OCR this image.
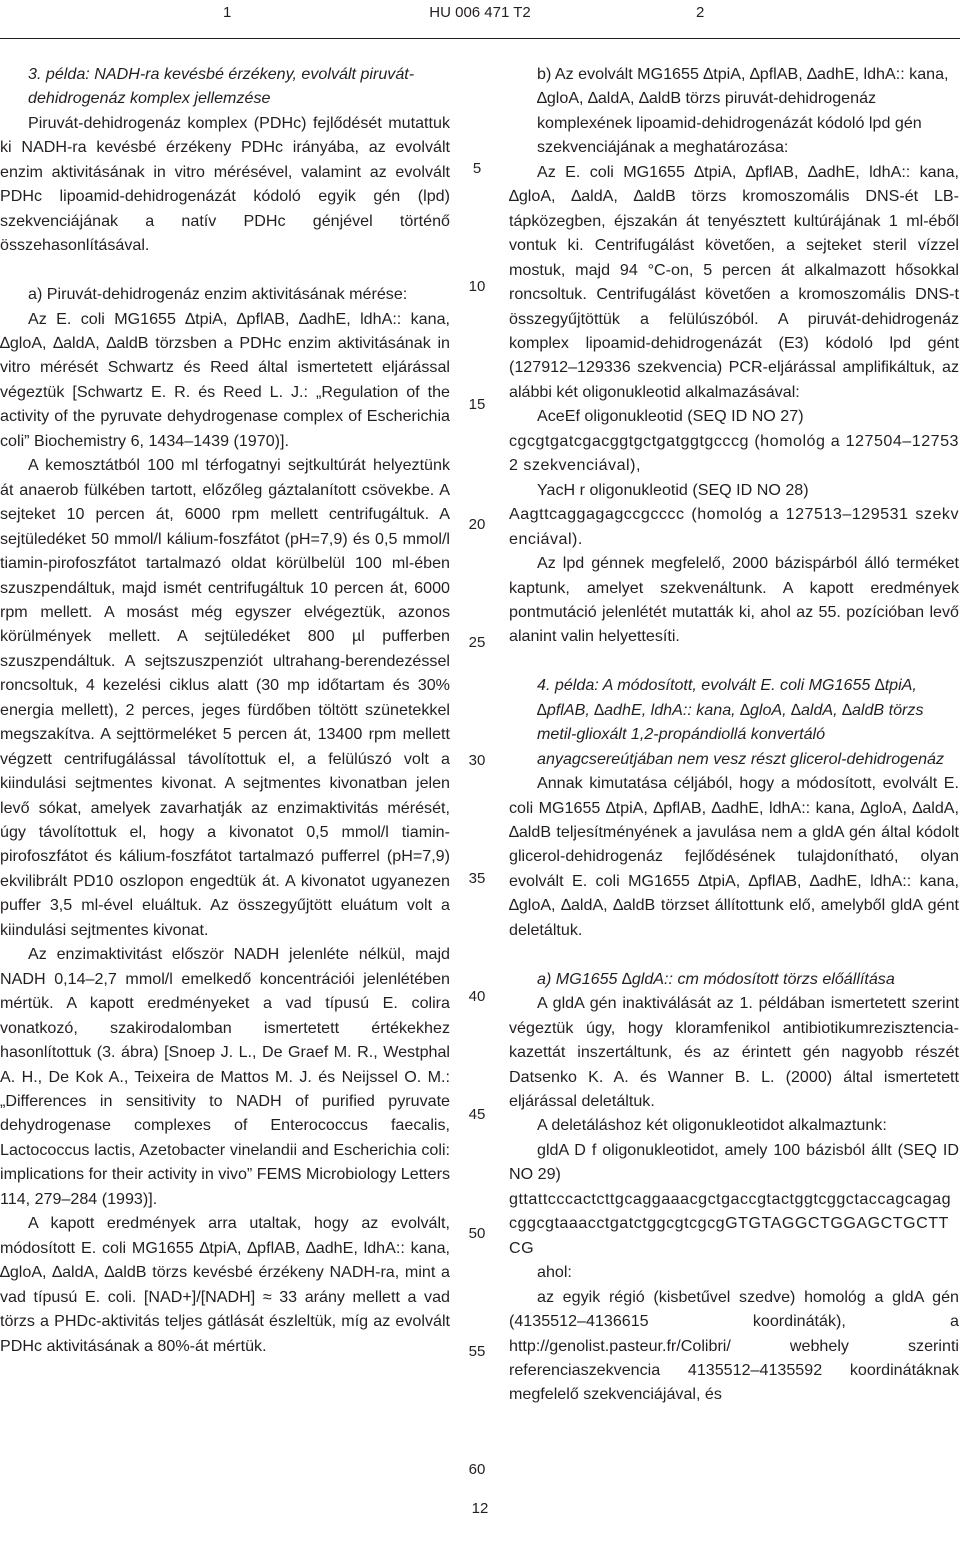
1	HU 006 471 T2	2

3. példa: NADH-ra kevésbé érzékeny, evolvált piruvát-dehidrogenáz komplex jellemzése

Piruvát-dehidrogenáz komplex (PDHc) fejlődését mutattuk ki NADH-ra kevésbé érzékeny PDHc irányába, az evolvált enzim aktivitásának in vitro mérésével, valamint az evolvált PDHc lipoamid-dehidrogenázát kódoló egyik gén (lpd) szekvenciájának a natív PDHc génjével történő összehasonlításával.

a) Piruvát-dehidrogenáz enzim aktivitásának mérése:

Az E. coli MG1655 ∆tpiA, ∆pflAB, ∆adhE, ldhA:: kana, ∆gloA, ∆aldA, ∆aldB törzsben a PDHc enzim aktivitásának in vitro mérését Schwartz és Reed által ismertetett eljárással végeztük [Schwartz E. R. és Reed L. J.: „Regulation of the activity of the pyruvate dehydrogenase complex of Escherichia coli” Biochemistry 6, 1434–1439 (1970)].

A kemosztátból 100 ml térfogatnyi sejtkultúrát helyeztünk át anaerob fülkében tartott, előzőleg gáztalanított csövekbe. A sejteket 10 percen át, 6000 rpm mellett centrifugáltuk. A sejtüledéket 50 mmol/l kálium-foszfátot (pH=7,9) és 0,5 mmol/l tiamin-pirofoszfátot tartalmazó oldat körülbelül 100 ml-ében szuszpendáltuk, majd ismét centrifugáltuk 10 percen át, 6000 rpm mellett. A mosást még egyszer elvégeztük, azonos körülmények mellett. A sejtüledéket 800 µl pufferben szuszpendáltuk. A sejtszuszpenziót ultrahang-berendezéssel roncsoltuk, 4 kezelési ciklus alatt (30 mp időtartam és 30% energia mellett), 2 perces, jeges fürdőben töltött szünetekkel megszakítva. A sejttörmeléket 5 percen át, 13400 rpm mellett végzett centrifugálással távolítottuk el, a felülúszó volt a kiindulási sejtmentes kivonat. A sejtmentes kivonatban jelen levő sókat, amelyek zavarhatják az enzimaktivitás mérését, úgy távolítottuk el, hogy a kivonatot 0,5 mmol/l tiamin-pirofoszfátot és kálium-foszfátot tartalmazó pufferrel (pH=7,9) ekvilibrált PD10 oszlopon engedtük át. A kivonatot ugyanezen puffer 3,5 ml-ével eluáltuk. Az összegyűjtött eluátum volt a kiindulási sejtmentes kivonat.

Az enzimaktivitást először NADH jelenléte nélkül, majd NADH 0,14–2,7 mmol/l emelkedő koncentrációi jelenlétében mértük. A kapott eredményeket a vad típusú E. colira vonatkozó, szakirodalomban ismertetett értékekhez hasonlítottuk (3. ábra) [Snoep J. L., De Graef M. R., Westphal A. H., De Kok A., Teixeira de Mattos M. J. és Neijssel O. M.: „Differences in sensitivity to NADH of purified pyruvate dehydrogenase complexes of Enterococcus faecalis, Lactococcus lactis, Azetobacter vinelandii and Escherichia coli: implications for their activity in vivo” FEMS Microbiology Letters 114, 279–284 (1993)].

A kapott eredmények arra utaltak, hogy az evolvált, módosított E. coli MG1655 ∆tpiA, ∆pflAB, ∆adhE, ldhA:: kana, ∆gloA, ∆aldA, ∆aldB törzs kevésbé érzékeny NADH-ra, mint a vad típusú E. coli. [NAD+]/[NADH] ≈ 33 arány mellett a vad törzs a PHDc-aktivitás teljes gátlását észleltük, míg az evolvált PDHc aktivitásának a 80%-át mértük.

b) Az evolvált MG1655 ∆tpiA, ∆pflAB, ∆adhE, ldhA:: kana, ∆gloA, ∆aldA, ∆aldB törzs piruvát-dehidrogenáz komplexének lipoamid-dehidrogenázát kódoló lpd gén szekvenciájának a meghatározása:

Az E. coli MG1655 ∆tpiA, ∆pflAB, ∆adhE, ldhA:: kana, ∆gloA, ∆aldA, ∆aldB törzs kromoszomális DNS-ét LB-tápközegben, éjszakán át tenyésztett kultúrájának 1 ml-éből vontuk ki. Centrifugálást követően, a sejteket steril vízzel mostuk, majd 94 °C-on, 5 percen át alkalmazott hősokkal roncsoltuk. Centrifugálást követően a kromoszomális DNS-t összegyűjtöttük a felülúszóból. A piruvát-dehidrogenáz komplex lipoamid-dehidrogenázát (E3) kódoló lpd gént (127912–129336 szekvencia) PCR-eljárással amplifikáltuk, az alábbi két oligonukleotid alkalmazásával:

AceEf oligonukleotid (SEQ ID NO 27)

cgcgtgatcgacggtgctgatggtgcccg (homológ a 127504–127532 szekvenciával),

YacH r oligonukleotid (SEQ ID NO 28)

Aagttcaggagagccgcccc (homológ a 127513–129531 szekvenciával).

Az lpd génnek megfelelő, 2000 bázispárból álló terméket kaptunk, amelyet szekvenáltunk. A kapott eredmények pontmutáció jelenlétét mutatták ki, ahol az 55. pozícióban levő alanint valin helyettesíti.

4. példa: A módosított, evolvált E. coli MG1655 ∆tpiA, ∆pflAB, ∆adhE, ldhA:: kana, ∆gloA, ∆aldA, ∆aldB törzs metil-glioxált 1,2-propándiollá konvertáló anyagcsereútjában nem vesz részt glicerol-dehidrogenáz

Annak kimutatása céljából, hogy a módosított, evolvált E. coli MG1655 ∆tpiA, ∆pflAB, ∆adhE, ldhA:: kana, ∆gloA, ∆aldA, ∆aldB teljesítményének a javulása nem a gldA gén által kódolt glicerol-dehidrogenáz fejlődésének tulajdonítható, olyan evolvált E. coli MG1655 ∆tpiA, ∆pflAB, ∆adhE, ldhA:: kana, ∆gloA, ∆aldA, ∆aldB törzset állítottunk elő, amelyből gldA gént deletáltuk.

a) MG1655 ∆gldA:: cm módosított törzs előállítása

A gldA gén inaktiválását az 1. példában ismertetett szerint végeztük úgy, hogy kloramfenikol antibiotikumrezisztencia-kazettát inszertáltunk, és az érintett gén nagyobb részét Datsenko K. A. és Wanner B. L. (2000) által ismertetett eljárással deletáltuk.

A deletáláshoz két oligonukleotidot alkalmaztunk:

gldA D f oligonukleotidot, amely 100 bázisból állt (SEQ ID NO 29)

gttattcccactcttgcaggaaacgctgaccgtactggtcggctaccagcagagcggcgtaaacctgatctggcgtcgcgGTGTAGGCTGGAGCTGCTTCG

ahol:

az egyik régió (kisbetűvel szedve) homológ a gldA gén (4135512–4136615 koordináták), a http://genolist.pasteur.fr/Colibri/ webhely szerinti referenciaszekvencia 4135512–4135592 koordinátáknak megfelelő szekvenciájával, és

5
10
15
20
25
30
35
40
45
50
55
60
12
